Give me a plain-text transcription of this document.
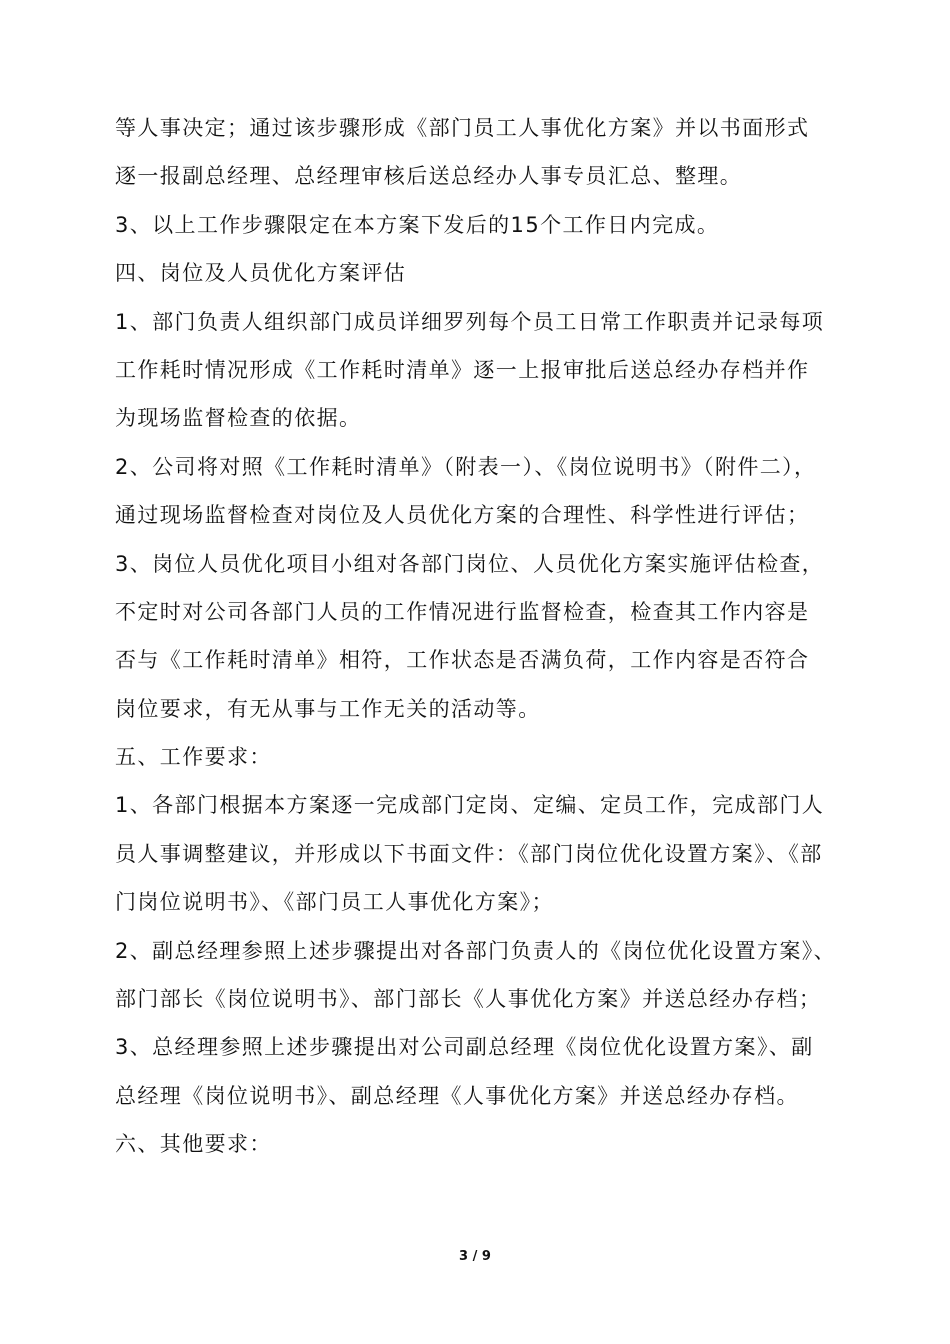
等人事决定；通过该步骤形成《部门员工人事优化方案》并以书面形式
逐一报副总经理、总经理审核后送总经办人事专员汇总、整理。
3、以上工作步骤限定在本方案下发后的15个工作日内完成。
四、岗位及人员优化方案评估
1、部门负责人组织部门成员详细罗列每个员工日常工作职责并记录每项
工作耗时情况形成《工作耗时清单》逐一上报审批后送总经办存档并作
为现场监督检查的依据。
2、公司将对照《工作耗时清单》（附表一）、《岗位说明书》（附件二），
通过现场监督检查对岗位及人员优化方案的合理性、科学性进行评估；
3、岗位人员优化项目小组对各部门岗位、人员优化方案实施评估检查，
不定时对公司各部门人员的工作情况进行监督检查，检查其工作内容是
否与《工作耗时清单》相符，工作状态是否满负荷，工作内容是否符合
岗位要求，有无从事与工作无关的活动等。
五、工作要求：
1、各部门根据本方案逐一完成部门定岗、定编、定员工作，完成部门人
员人事调整建议，并形成以下书面文件：《部门岗位优化设置方案》、《部
门岗位说明书》、《部门员工人事优化方案》；
2、副总经理参照上述步骤提出对各部门负责人的《岗位优化设置方案》、
部门部长《岗位说明书》、部门部长《人事优化方案》并送总经办存档；
3、总经理参照上述步骤提出对公司副总经理《岗位优化设置方案》、副
总经理《岗位说明书》、副总经理《人事优化方案》并送总经办存档。
六、其他要求：
3 / 9
